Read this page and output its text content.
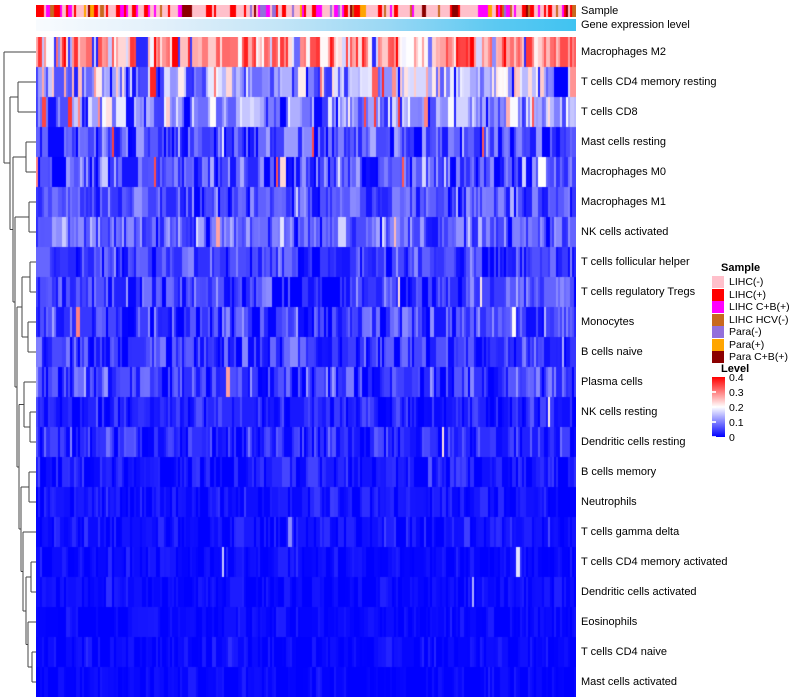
Sample
Gene expression level
Macrophages M2
T cells CD4 memory resting
T cells CD8
Mast cells resting
Macrophages M0
Macrophages M1
NK cells activated
T cells follicular helper
T cells regulatory Tregs
Monocytes
B cells naive
Plasma cells
NK cells resting
Dendritic cells resting
B cells memory
Neutrophils
T cells gamma delta
T cells CD4 memory activated
Dendritic cells activated
Eosinophils
T cells CD4 naive
Mast cells activated
Sample
LIHC(-)
LIHC(+)
LIHC C+B(+)
LIHC HCV(-)
Para(-)
Para(+)
Para C+B(+)
Level
0.4
0.3
0.2
0.1
0
